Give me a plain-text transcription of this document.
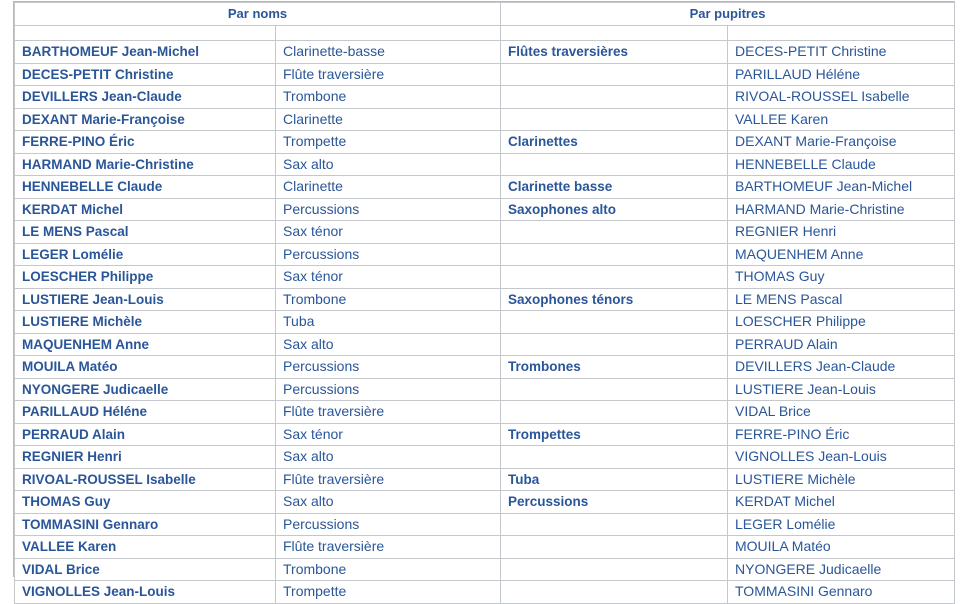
Par noms		Par pupitres	

BARTHOMEUF Jean-Michel	Clarinette-basse	Flûtes traversières	DECES-PETIT Christine
DECES-PETIT Christine	Flûte traversière		PARILLAUD Héléne
DEVILLERS Jean-Claude	Trombone		RIVOAL-ROUSSEL Isabelle
DEXANT Marie-Françoise	Clarinette		VALLEE Karen
FERRE-PINO Éric	Trompette	Clarinettes	DEXANT Marie-Françoise
HARMAND Marie-Christine	Sax alto		HENNEBELLE Claude
HENNEBELLE Claude	Clarinette	Clarinette basse	BARTHOMEUF Jean-Michel
KERDAT Michel	Percussions	Saxophones alto	HARMAND Marie-Christine
LE MENS Pascal	Sax ténor		REGNIER Henri
LEGER Lomélie	Percussions		MAQUENHEM Anne
LOESCHER Philippe	Sax ténor		THOMAS Guy
LUSTIERE Jean-Louis	Trombone	Saxophones ténors	LE MENS Pascal
LUSTIERE Michèle	Tuba		LOESCHER Philippe
MAQUENHEM Anne	Sax alto		PERRAUD Alain
MOUILA Matéo	Percussions	Trombones	DEVILLERS Jean-Claude
NYONGERE Judicaelle	Percussions		LUSTIERE Jean-Louis
PARILLAUD Héléne	Flûte traversière		VIDAL Brice
PERRAUD Alain	Sax ténor	Trompettes	FERRE-PINO Éric
REGNIER Henri	Sax alto		VIGNOLLES Jean-Louis
RIVOAL-ROUSSEL Isabelle	Flûte traversière	Tuba	LUSTIERE Michèle
THOMAS Guy	Sax alto	Percussions	KERDAT Michel
TOMMASINI Gennaro	Percussions		LEGER Lomélie
VALLEE Karen	Flûte traversière		MOUILA Matéo
VIDAL Brice	Trombone		NYONGERE Judicaelle
VIGNOLLES Jean-Louis	Trompette		TOMMASINI Gennaro
